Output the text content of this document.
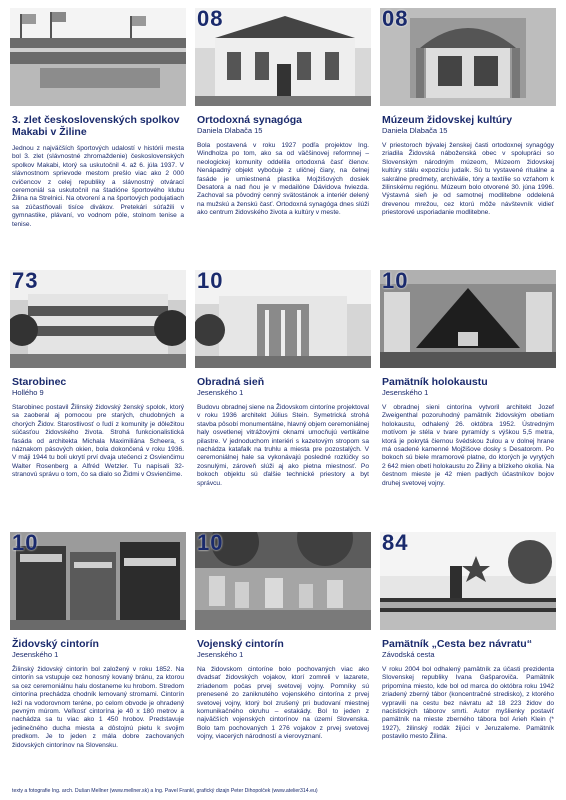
3. zlet československých spolkov Makabi v Žiline
Jednou z najväčších športových udalostí v histórii mesta bol 3. zlet (slávnostné zhromaždenie) československých spolkov Makabi, ktorý sa uskutočnil 4. až 6. júla 1937. V slávnostnom sprievode mestom prešlo viac ako 2 000 cvičencov z celej republiky a slávnostný otvárací ceremoniál sa uskutočnil na štadióne športového klubu Žilina na Strelnici. Na otvorení a na športových podujatiach sa zúčastňovali tisíce divákov. Pretekári súťažili v gymnastike, plávaní, vo vodnom póle, stolnom tenise a tenise.
08
Ortodoxná synagóga
Daniela Dlabača 15
Bola postavená v roku 1927 podľa projektov Ing. Windholza po tom, ako sa od väčšinovej reformnej – neologickej komunity oddelila ortodoxná časť členov. Nenápadný objekt vybočuje z uličnej čiary, na čelnej fasáde je umiestnená plastika Mojžišových dosiek Desatora a nad ňou je v medailóne Dávidova hviezda. Zachoval sa pôvodný cenný svätostánok a interiér delený na mužskú a ženskú časť. Ortodoxná synagóga dnes slúži ako centrum židovského života a kultúry v meste.
08
Múzeum židovskej kultúry
Daniela Dlabača 15
V priestoroch bývalej ženskej časti ortodoxnej synagógy zriadila Židovská náboženská obec v spolupráci so Slovenským národným múzeom, Múzeom židovskej kultúry stálu expozíciu judaík. Sú tu vystavené rituálne a sakrálne predmety, archiválie, tóry a textílie so vzťahom k žilinskému regiónu. Múzeum bolo otvorené 30. júna 1996. Výstavná sieň je od samotnej modlitebne oddelená drevenou mrežou, cez ktorú môže návštevník vidieť priestorové usporiadanie modlitebne.
73
Starobinec
Hollého 9
Starobinec postavil Žilinský židovský ženský spolok, ktorý sa zaoberal aj pomocou pre starých, chudobných a chorých Židov. Starostlivosť o ľudí z komunity je dôležitou súčasťou židovského života. Strohá funkcionalistická fasáda od architekta Michala Maximiliána Scheera, s náznakom pásových okien, bola dokončená v roku 1936. V máji 1944 tu boli ukrytí prví dvaja utečenci z Osvienčimu Walter Rosenberg a Alfréd Wetzler. Tu napísali 32-stranovú správu o tom, čo sa dialo so Židmi v Osvienčime.
10
Obradná sieň
Jesenského 1
Budovu obradnej siene na Židovskom cintoríne projektoval v roku 1936 architekt Július Stein. Symetrická strohá stavba pôsobí monumentálne, hlavný objem ceremoniálnej haly osvetlenej vitrážovými oknami umocňujú vertikálne pilastre. V jednoduchom interiéri s kazetovým stropom sa nachádza katafalk na truhlu a miesta pre pozostalých. V ceremoniálnej hale sa vykonávajú posledné rozlúčky so zosnulými, zároveň slúži aj ako pietna miestnosť. Po bokoch objektu sú ďalšie technické priestory a byt správcu.
10
Pamätník holokaustu
Jesenského 1
V obradnej sieni cintorína vytvoril architekt Jozef Zweigenthal pozoruhodný pamätník židovským obetiam holokaustu, odhalený 26. októbra 1952. Ústredným motívom je stéla v tvare pyramídy s výškou 5,5 metra, ktorá je pokrytá čiernou švédskou žulou a v dolnej hrane má osadené kamenné Mojžišove dosky s Desatorom. Po bokoch sú biele mramorové platne, do ktorých je vyrytých 2 642 mien obetí holokaustu zo Žiliny a blízkeho okolia. Na čestnom mieste je 42 mien padlých účastníkov bojov druhej svetovej vojny.
10
Židovský cintorín
Jesenského 1
Žilinský židovský cintorín bol založený v roku 1852. Na cintorín sa vstupuje cez honosný kovaný bránu, za ktorou sa cez ceremoniálnu halu dostaneme ku hrobom. Stredom cintorína prechádza chodník lemovaný stromami. Cintorín leží na vodorovnom teréne, po celom obvode je ohradený pevným múrom. Veľkosť cintorína je 40 x 180 metrov a nachádza sa tu viac ako 1 450 hrobov. Predstavuje jedinečného ducha miesta a dôstojnú pietu k svojim predkom. Je to jeden z mála dobre zachovaných židovských cintorínov na Slovensku.
10
Vojenský cintorín
Jesenského 1
Na židovskom cintoríne bolo pochovaných viac ako dvadsať židovských vojakov, ktorí zomreli v lazarete, zriadenom počas prvej svetovej vojny. Pomníky sú prenesené zo zaniknutého vojenského cintorína z prvej svetovej vojny, ktorý bol zrušený pri budovaní miestnej komunikačného okruhu – estakády. Bol to jeden z najväčších vojenských cintorínov na území Slovenska. Bolo tam pochovaných 1 276 vojakov z prvej svetovej vojny, viacerých národností a vierovyznaní.
84
Pamätník „Cesta bez návratu“
Závodská cesta
V roku 2004 bol odhalený pamätník za účasti prezidenta Slovenskej republiky Ivana Gašparoviča. Pamätník pripomína miesto, kde bol od marca do októbra roku 1942 zriadený zberný tábor (koncentračné stredisko), z ktorého vypravili na cestu bez návratu až 18 223 židov do nacistických táborov smrti. Autor myšlienky postaviť pamätník na mieste zberného tábora bol Arieh Klein (* 1927), žilinský rodák žijúci v Jeruzaleme. Pamätník postavilo mesto Žilina.
texty a fotografie Ing. arch. Dušan Mellner (www.mellner.sk) a Ing. Pavel Frankl, grafický dizajn Peter Dihopolček (www.atelier314.eu)
